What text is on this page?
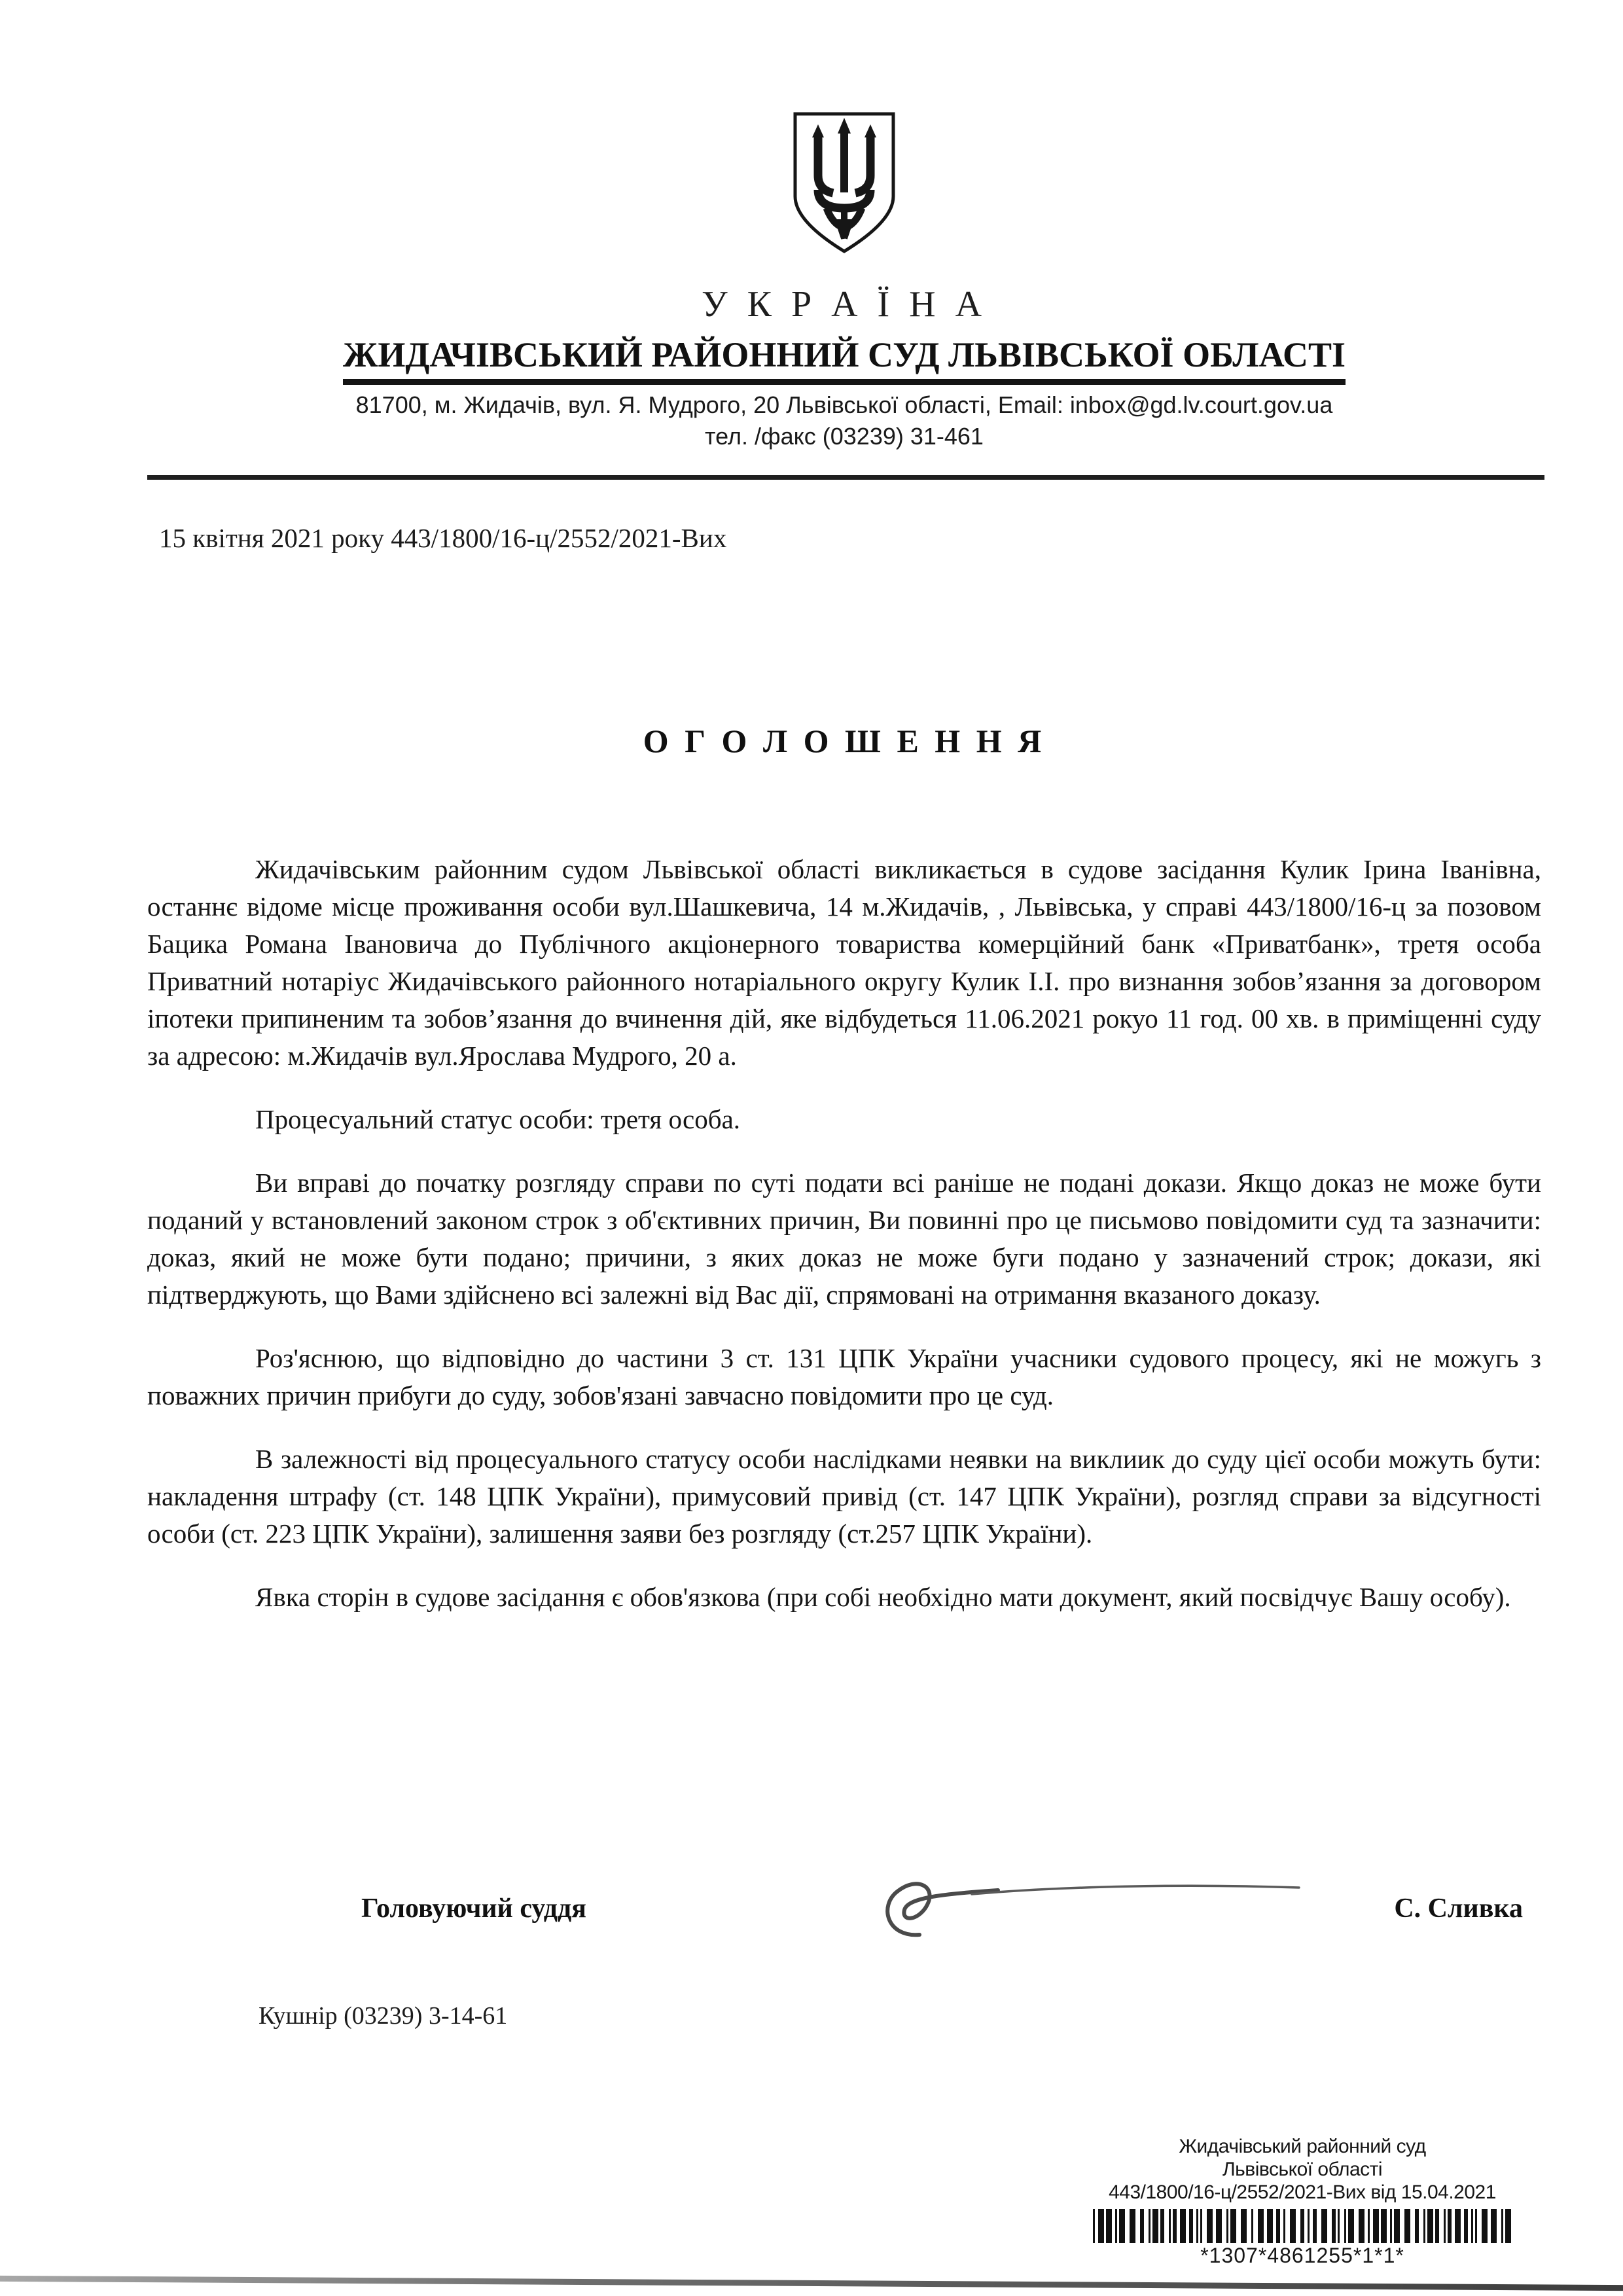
У К Р А Ї Н А
ЖИДАЧІВСЬКИЙ РАЙОННИЙ СУД ЛЬВІВСЬКОЇ ОБЛАСТІ
81700, м. Жидачів, вул. Я. Мудрого, 20 Львівської області, Email: inbox@gd.lv.court.gov.ua
тел. /факс (03239) 31-461
15 квітня 2021 року 443/1800/16-ц/2552/2021-Вих
О Г О Л О Ш Е Н Н Я

Жидачівським районним судом Львівської області викликається в судове засідання Кулик Ірина Іванівна, останнє відоме місце проживання особи вул.Шашкевича, 14 м.Жидачів, , Львівська, у справі 443/1800/16-ц за позовом Бацика Романа Івановича до Публічного акціонерного товариства комерційний банк «Приватбанк», третя особа Приватний нотаріус Жидачівського районного нотаріального округу Кулик І.І. про визнання зобов’язання за договором іпотеки припиненим та зобов’язання до вчинення дій, яке відбудеться 11.06.2021 рокуо 11 год. 00 хв. в приміщенні суду за адресою: м.Жидачів вул.Ярослава Мудрого, 20 а.

Процесуальний статус особи: третя особа.

Ви вправі до початку розгляду справи по суті подати всі раніше не подані докази. Якщо доказ не може бути поданий у встановлений законом строк з об'єктивних причин, Ви повинні про це письмово повідомити суд та зазначити: доказ, який не може бути подано; причини, з яких доказ не може буги подано у зазначений строк; докази, які підтверджують, що Вами здійснено всі залежні від Вас дії, спрямовані на отримання вказаного доказу.

Роз'яснюю, що відповідно до частини 3 ст. 131 ЦПК України учасники судового процесу, які не можугь з поважних причин прибуги до суду, зобов'язані завчасно повідомити про це суд.

В залежності від процесуального статусу особи наслідками неявки на виклиик до суду цієї особи можуть бути: накладення штрафу (ст. 148 ЦПК України), примусовий привід (ст. 147 ЦПК України), розгляд справи за відсугності особи (ст. 223 ЦПК України), залишення заяви без розгляду (ст.257 ЦПК України).

Явка сторін в судове засідання є обов'язкова (при собі необхідно мати документ, який посвідчує Вашу особу).

Головуючий суддя	С. Сливка
Кушнір (03239) 3-14-61
Жидачівський районний суд
Львівської області
443/1800/16-ц/2552/2021-Вих від 15.04.2021
*1307*4861255*1*1*
